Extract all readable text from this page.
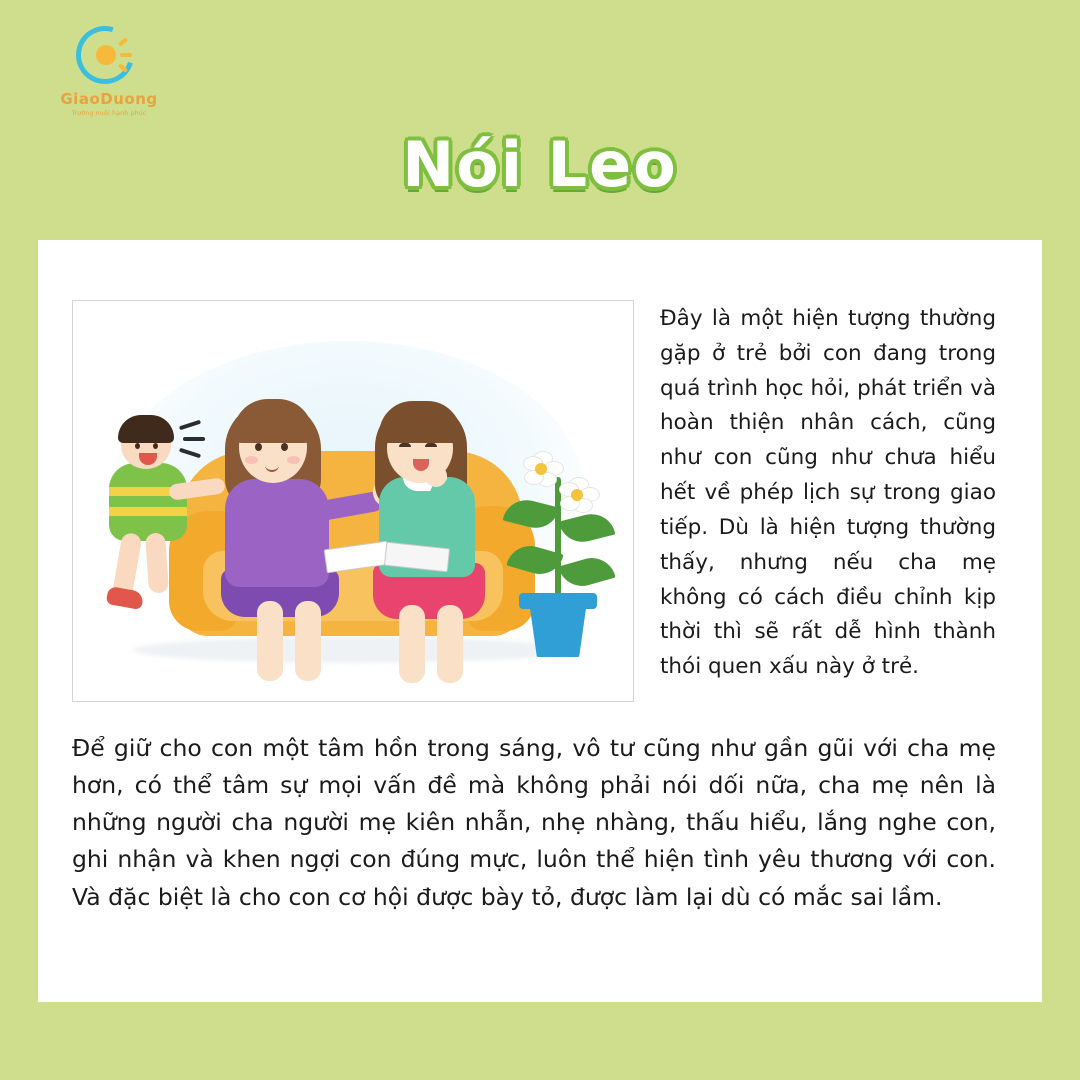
GiaoDuong
Trường nuôi hạnh phúc
Nói Leo
Đây là một hiện tượng thường gặp ở trẻ bởi con đang trong quá trình học hỏi, phát triển và hoàn thiện nhân cách, cũng như con cũng như chưa hiểu hết về phép lịch sự trong giao tiếp. Dù là hiện tượng thường thấy, nhưng nếu cha mẹ không có cách điều chỉnh kịp thời thì sẽ rất dễ hình thành thói quen xấu này ở trẻ.
Để giữ cho con một tâm hồn trong sáng, vô tư cũng như gần gũi với cha mẹ hơn, có thể tâm sự mọi vấn đề mà không phải nói dối nữa, cha mẹ nên là những người cha người mẹ kiên nhẫn, nhẹ nhàng, thấu hiểu, lắng nghe con, ghi nhận và khen ngợi con đúng mực, luôn thể hiện tình yêu thương với con. Và đặc biệt là cho con cơ hội được bày tỏ, được làm lại dù có mắc sai lầm.
